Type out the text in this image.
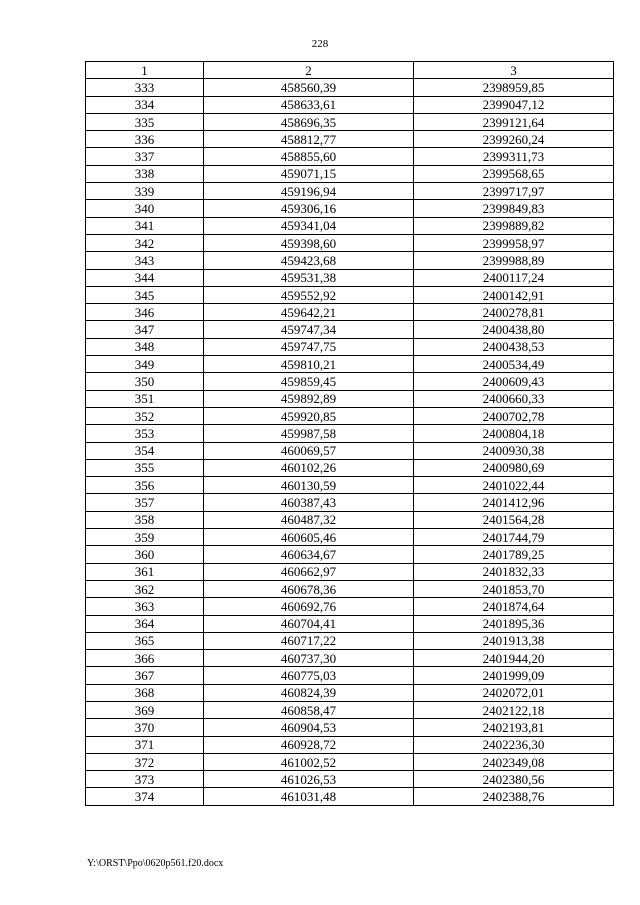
228
1	2	3
333	458560,39	2398959,85
334	458633,61	2399047,12
335	458696,35	2399121,64
336	458812,77	2399260,24
337	458855,60	2399311,73
338	459071,15	2399568,65
339	459196,94	2399717,97
340	459306,16	2399849,83
341	459341,04	2399889,82
342	459398,60	2399958,97
343	459423,68	2399988,89
344	459531,38	2400117,24
345	459552,92	2400142,91
346	459642,21	2400278,81
347	459747,34	2400438,80
348	459747,75	2400438,53
349	459810,21	2400534,49
350	459859,45	2400609,43
351	459892,89	2400660,33
352	459920,85	2400702,78
353	459987,58	2400804,18
354	460069,57	2400930,38
355	460102,26	2400980,69
356	460130,59	2401022,44
357	460387,43	2401412,96
358	460487,32	2401564,28
359	460605,46	2401744,79
360	460634,67	2401789,25
361	460662,97	2401832,33
362	460678,36	2401853,70
363	460692,76	2401874,64
364	460704,41	2401895,36
365	460717,22	2401913,38
366	460737,30	2401944,20
367	460775,03	2401999,09
368	460824,39	2402072,01
369	460858,47	2402122,18
370	460904,53	2402193,81
371	460928,72	2402236,30
372	461002,52	2402349,08
373	461026,53	2402380,56
374	461031,48	2402388,76
Y:\ORST\Ppo\0620p561.f20.docx
